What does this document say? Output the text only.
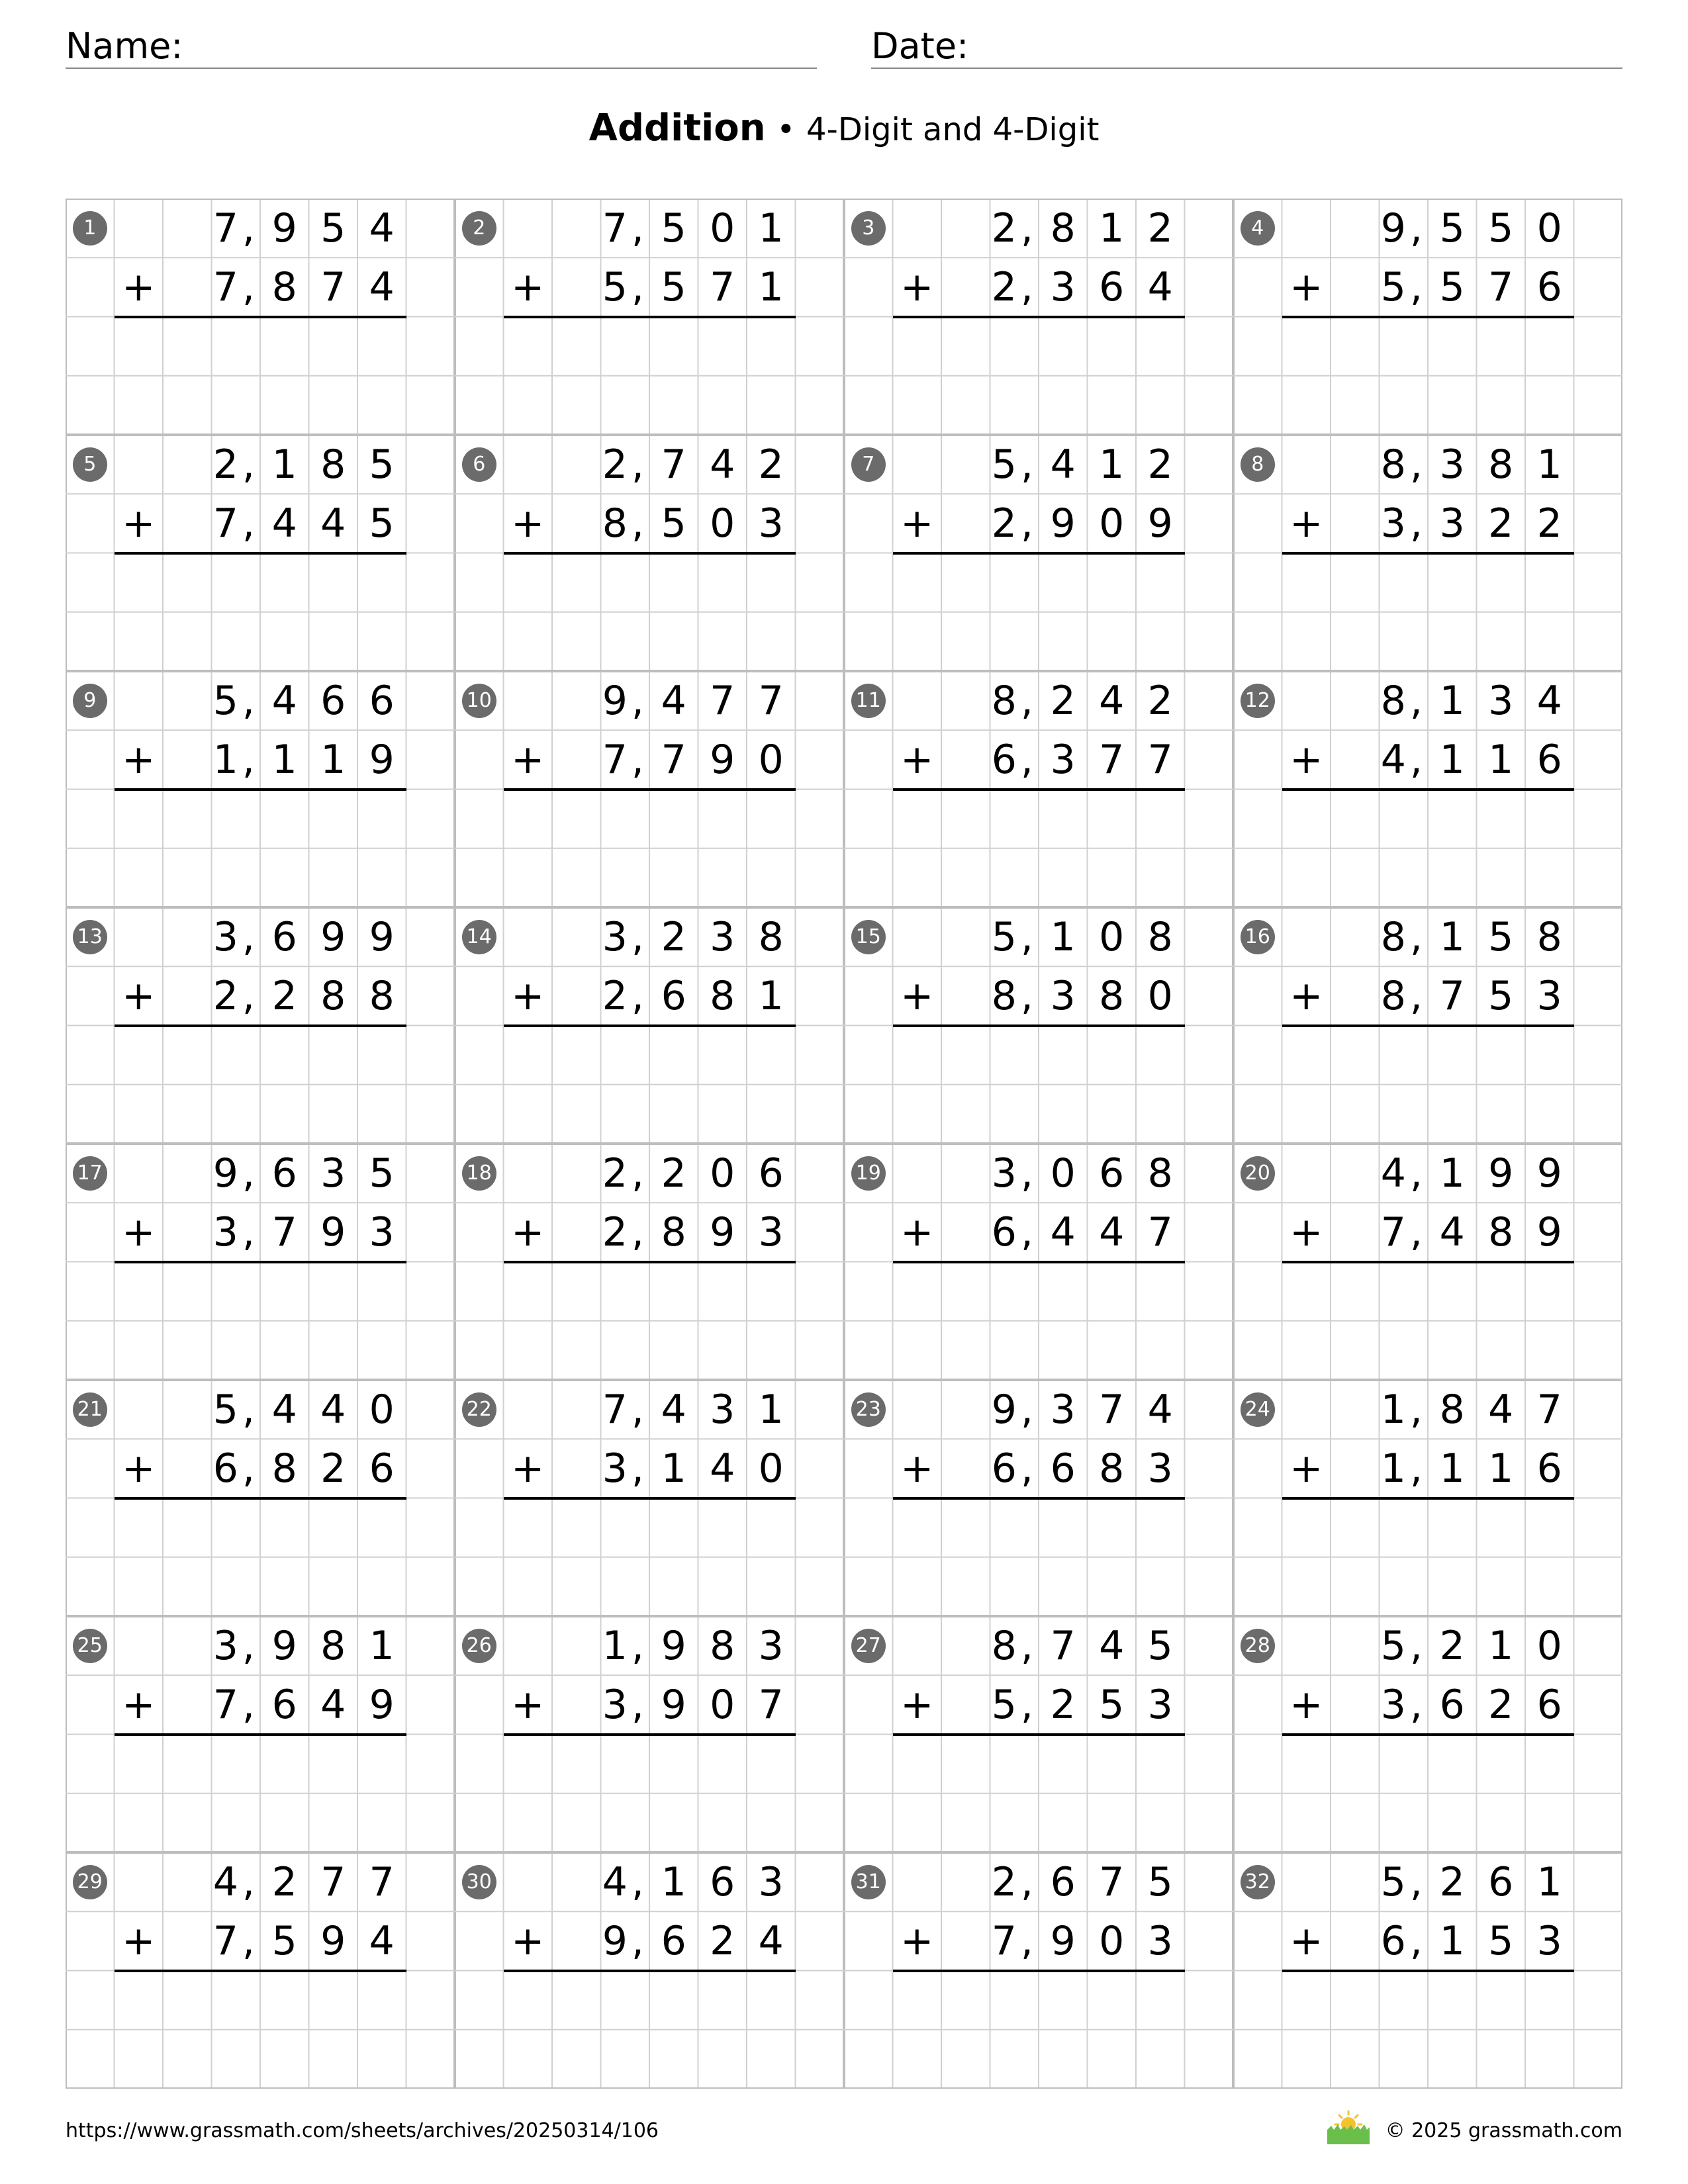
Name:	Date:
Addition • 4-Digit and 4-Digit
1	7, 9 5 4
7, 8 7 4
+
2	7, 5 0 1
5, 5 7 1
+
3	2, 8 1 2
2, 3 6 4
+
4	9, 5 5 0
5, 5 7 6
+
5	2, 1 8 5
7, 4 4 5
+
6	2, 7 4 2
8, 5 0 3
+
7	5, 4 1 2
2, 9 0 9
+
8	8, 3 8 1
3, 3 2 2
+
9	5, 4 6 6
1, 1 1 9
+
10	9, 4 7 7
7, 7 9 0
+
11	8, 2 4 2
6, 3 7 7
+
12	8, 1 3 4
4, 1 1 6
+
13	3, 6 9 9
2, 2 8 8
+
14	3, 2 3 8
2, 6 8 1
+
15	5, 1 0 8
8, 3 8 0
+
16	8, 1 5 8
8, 7 5 3
+
17	9, 6 3 5
3, 7 9 3
+
18	2, 2 0 6
2, 8 9 3
+
19	3, 0 6 8
6, 4 4 7
+
20	4, 1 9 9
7, 4 8 9
+
21	5, 4 4 0
6, 8 2 6
+
22	7, 4 3 1
3, 1 4 0
+
23	9, 3 7 4
6, 6 8 3
+
24	1, 8 4 7
1, 1 1 6
+
25	3, 9 8 1
7, 6 4 9
+
26	1, 9 8 3
3, 9 0 7
+
27	8, 7 4 5
5, 2 5 3
+
28	5, 2 1 0
3, 6 2 6
+
29	4, 2 7 7
7, 5 9 4
+
30	4, 1 6 3
9, 6 2 4
+
31	2, 6 7 5
7, 9 0 3
+
32	5, 2 6 1
6, 1 5 3
+
https://www.grassmath.com/sheets/archives/20250314/106	© 2025 grassmath.com
